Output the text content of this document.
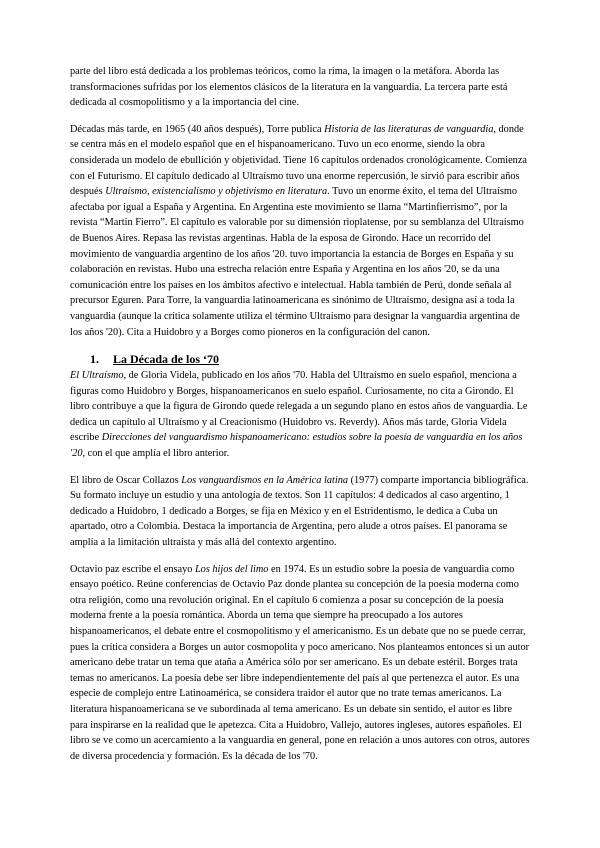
parte del libro está dedicada a los problemas teóricos, como la rima, la imagen o la metáfora. Aborda las transformaciones sufridas por los elementos clásicos de la literatura en la vanguardia. La tercera parte está dedicada al cosmopolitismo y a la importancia del cine.

Décadas más tarde, en 1965 (40 años después), Torre publica Historia de las literaturas de vanguardia, donde se centra más en el modelo español que en el hispanoamericano. Tuvo un eco enorme, siendo la obra considerada un modelo de ebullición y objetividad. Tiene 16 capítulos ordenados cronológicamente. Comienza con el Futurismo. El capítulo dedicado al Ultraísmo tuvo una enorme repercusión, le sirvió para escribir años después Ultraísmo, existencialismo y objetivismo en literatura. Tuvo un enorme éxito, el tema del Ultraísmo afectaba por igual a España y Argentina. En Argentina este movimiento se llama “Martinfierrismo”, por la revista “Martín Fierro”. El capítulo es valorable por su dimensión rioplatense, por su semblanza del Ultraísmo de Buenos Aires. Repasa las revistas argentinas. Habla de la esposa de Girondo. Hace un recorrido del movimiento de vanguardia argentino de los años '20. tuvo importancia la estancia de Borges en España y su colaboración en revistas. Hubo una estrecha relación entre España y Argentina en los años '20, se da una comunicación entre los países en los ámbitos afectivo e intelectual. Habla también de Perú, donde señala al precursor Eguren. Para Torre, la vanguardia latinoamericana es sinónimo de Ultraísmo, designa así a toda la vanguardia (aunque la crítica solamente utiliza el término Ultraísmo para designar la vanguardia argentina de los años '20). Cita a Huidobro y a Borges como pioneros en la configuración del canon.

1. La Década de los ‘70

El Ultraísmo, de Gloria Videla, publicado en los años '70. Habla del Ultraísmo en suelo español, menciona a figuras como Huidobro y Borges, hispanoamericanos en suelo español. Curiosamente, no cita a Girondo. El libro contribuye a que la figura de Girondo quede relegada a un segundo plano en estos años de vanguardia. Le dedica un capítulo al Ultraísmo y al Creacionismo (Huidobro vs. Reverdy). Años más tarde, Gloria Videla escribe Direcciones del vanguardismo hispanoamericano: estudios sobre la poesía de vanguardia en los años '20, con el que amplía el libro anterior.

El libro de Oscar Collazos Los vanguardismos en la América latina (1977) comparte importancia bibliográfica. Su formato incluye un estudio y una antología de textos. Son 11 capítulos: 4 dedicados al caso argentino, 1 dedicado a Huidobro, 1 dedicado a Borges, se fija en México y en el Estridentismo, le dedica a Cuba un apartado, otro a Colombia. Destaca la importancia de Argentina, pero alude a otros países. El panorama se amplía a la limitación ultraísta y más allá del contexto argentino.

Octavio paz escribe el ensayo Los hijos del limo en 1974. Es un estudio sobre la poesía de vanguardia como ensayo poético. Reúne conferencias de Octavio Paz donde plantea su concepción de la poesía moderna como otra religión, como una revolución original. En el capítulo 6 comienza a posar su concepción de la poesía moderna frente a la poesía romántica. Aborda un tema que siempre ha preocupado a los autores hispanoamericanos, el debate entre el cosmopolitismo y el americanismo. Es un debate que no se puede cerrar, pues la crítica considera a Borges un autor cosmopolita y poco americano. Nos planteamos entonces si un autor americano debe tratar un tema que ataña a América sólo por ser americano. Es un debate estéril. Borges trata temas no americanos. La poesía debe ser libre independientemente del país al que pertenezca el autor. Es una especie de complejo entre Latinoamérica, se considera traidor el autor que no trate temas americanos. La literatura hispanoamericana se ve subordinada al tema americano. Es un debate sin sentido, el autor es libre para inspirarse en la realidad que le apetezca. Cita a Huidobro, Vallejo, autores ingleses, autores españoles. El libro se ve como un acercamiento a la vanguardia en general, pone en relación a unos autores con otros, autores de diversa procedencia y formación. Es la década de los '70.
